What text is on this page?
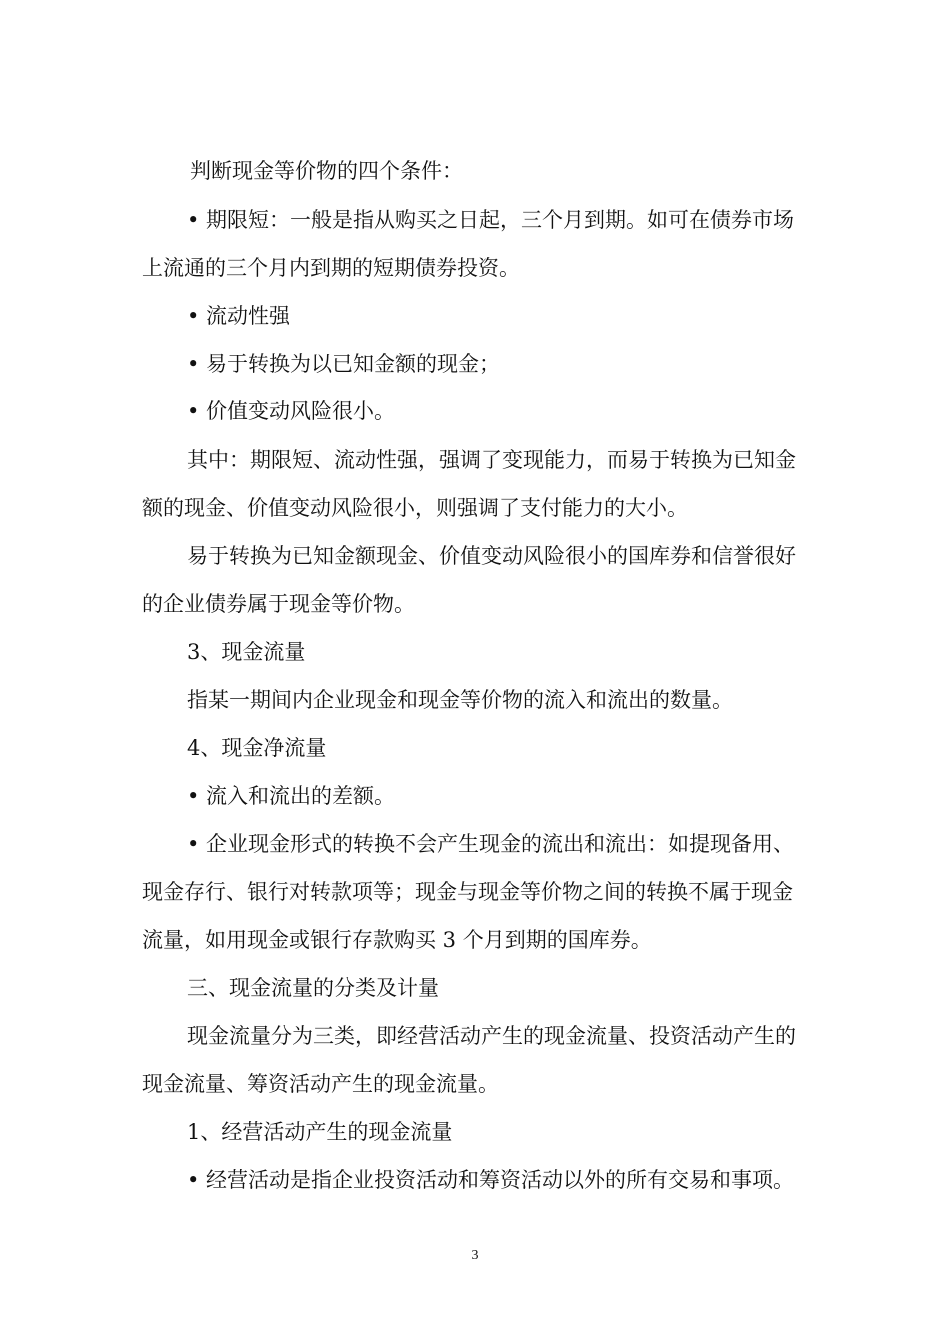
判断现金等价物的四个条件：
• 期限短：一般是指从购买之日起，三个月到期。如可在债券市场
上流通的三个月内到期的短期债券投资。
• 流动性强
• 易于转换为以已知金额的现金；
• 价值变动风险很小。
其中：期限短、流动性强，强调了变现能力，而易于转换为已知金
额的现金、价值变动风险很小，则强调了支付能力的大小。
易于转换为已知金额现金、价值变动风险很小的国库券和信誉很好
的企业债券属于现金等价物。
3、现金流量
指某一期间内企业现金和现金等价物的流入和流出的数量。
4、现金净流量
• 流入和流出的差额。
• 企业现金形式的转换不会产生现金的流出和流出：如提现备用、
现金存行、银行对转款项等；现金与现金等价物之间的转换不属于现金
流量，如用现金或银行存款购买 3 个月到期的国库券。
三、现金流量的分类及计量
现金流量分为三类，即经营活动产生的现金流量、投资活动产生的
现金流量、筹资活动产生的现金流量。
1、经营活动产生的现金流量
• 经营活动是指企业投资活动和筹资活动以外的所有交易和事项。
3
